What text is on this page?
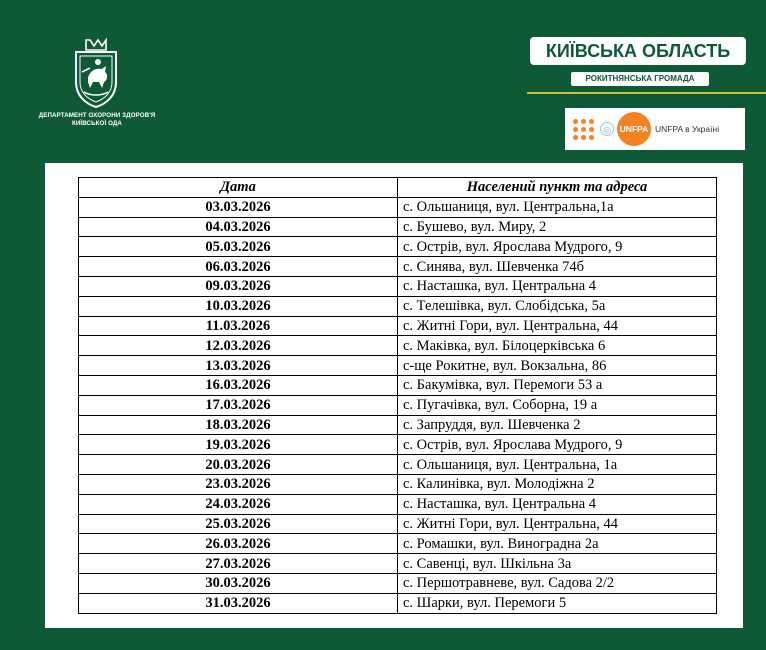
ДЕПАРТАМЕНТ ОХОРОНИ ЗДОРОВ'Я КИЇВСЬКОЇ ОДА
КИЇВСЬКА ОБЛАСТЬ
РОКИТНЯНСЬКА ГРОМАДА
◎	UNFPA UNFPA в Україні
Дата	Населений пункт та адреса
03.03.2026	с. Ольшаниця, вул. Центральна,1а
04.03.2026	с. Бушево, вул. Миру, 2
05.03.2026	с. Острів, вул. Ярослава Мудрого, 9
06.03.2026	с. Синява, вул. Шевченка 74б
09.03.2026	с. Насташка, вул. Центральна 4
10.03.2026	с. Телешівка, вул. Слобідська, 5а
11.03.2026	с. Житні Гори, вул. Центральна, 44
12.03.2026	с. Маківка, вул. Білоцерківська 6
13.03.2026	с-ще Рокитне, вул. Вокзальна, 86
16.03.2026	с. Бакумівка, вул. Перемоги 53 а
17.03.2026	с. Пугачівка, вул. Соборна, 19 а
18.03.2026	с. Запруддя, вул. Шевченка 2
19.03.2026	с. Острів, вул. Ярослава Мудрого, 9
20.03.2026	с. Ольшаниця, вул. Центральна, 1а
23.03.2026	с. Калинівка, вул. Молодіжна 2
24.03.2026	с. Насташка, вул. Центральна 4
25.03.2026	с. Житні Гори, вул. Центральна, 44
26.03.2026	с. Ромашки, вул. Виноградна 2а
27.03.2026	с. Савенці, вул. Шкільна 3а
30.03.2026	с. Першотравневе, вул. Садова 2/2
31.03.2026	с. Шарки, вул. Перемоги 5
